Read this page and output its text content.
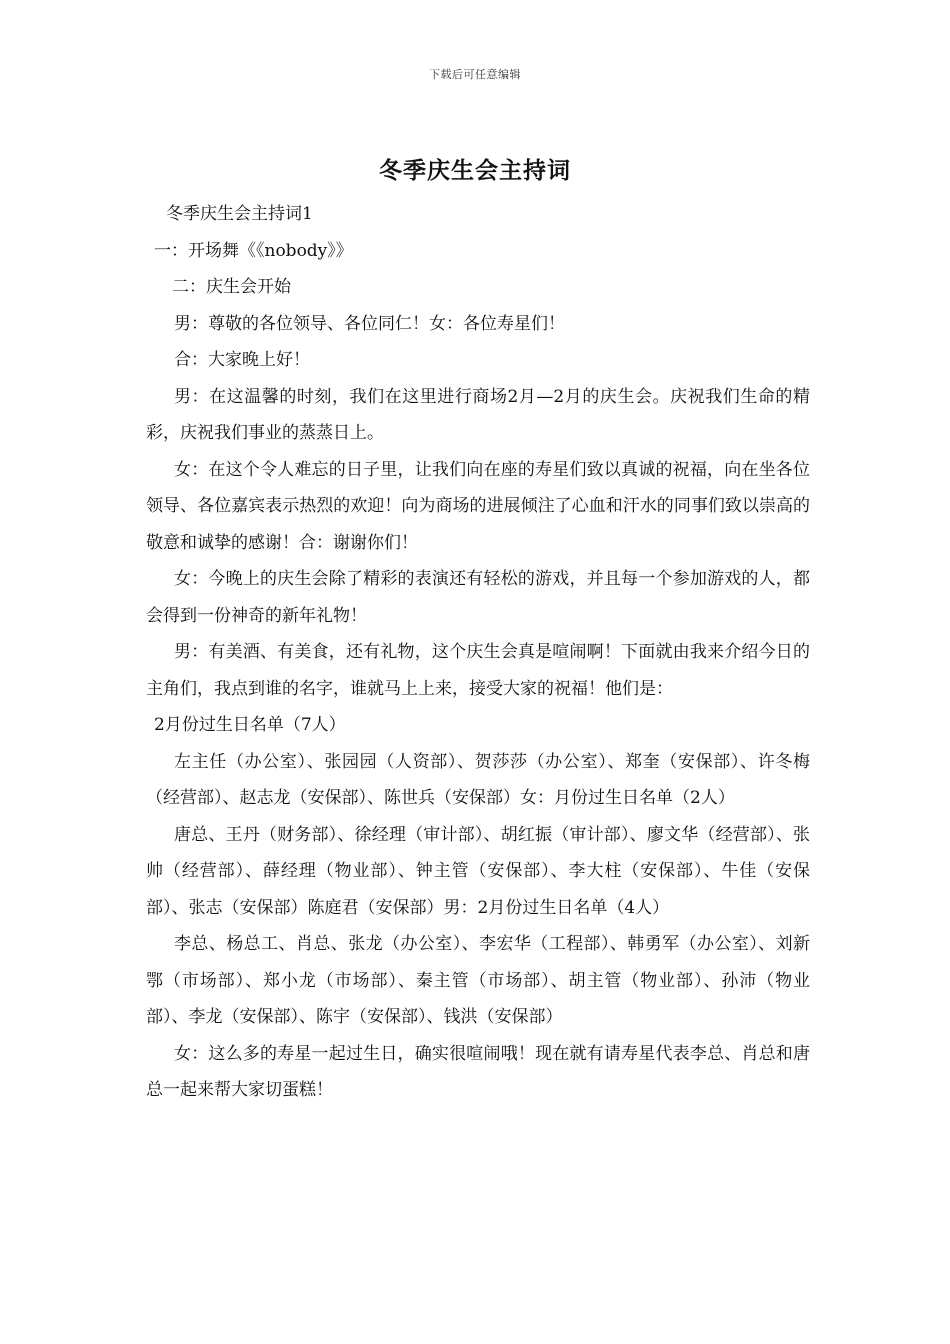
下载后可任意编辑
冬季庆生会主持词

冬季庆生会主持词1

一：开场舞《《nobody》》

二：庆生会开始

男：尊敬的各位领导、各位同仁！女：各位寿星们！

合：大家晚上好！

男：在这温馨的时刻，我们在这里进行商场2月—2月的庆生会。庆祝我们生命的精彩，庆祝我们事业的蒸蒸日上。

女：在这个令人难忘的日子里，让我们向在座的寿星们致以真诚的祝福，向在坐各位领导、各位嘉宾表示热烈的欢迎！向为商场的进展倾注了心血和汗水的同事们致以崇高的敬意和诚挚的感谢！合：谢谢你们！

女：今晚上的庆生会除了精彩的表演还有轻松的游戏，并且每一个参加游戏的人，都会得到一份神奇的新年礼物！

男：有美酒、有美食，还有礼物，这个庆生会真是喧闹啊！下面就由我来介绍今日的主角们，我点到谁的名字，谁就马上上来，接受大家的祝福！他们是：

2月份过生日名单（7人）

左主任（办公室）、张园园（人资部）、贺莎莎（办公室）、郑奎（安保部）、许冬梅（经营部）、赵志龙（安保部）、陈世兵（安保部）女：月份过生日名单（2人）

唐总、王丹（财务部）、徐经理（审计部）、胡红振（审计部）、廖文华（经营部）、张帅（经营部）、薛经理（物业部）、钟主管（安保部）、李大柱（安保部）、牛佳（安保部）、张志（安保部）陈庭君（安保部）男：2月份过生日名单（4人）

李总、杨总工、肖总、张龙（办公室）、李宏华（工程部）、韩勇军（办公室）、刘新鄂（市场部）、郑小龙（市场部）、秦主管（市场部）、胡主管（物业部）、孙沛（物业部）、李龙（安保部）、陈宇（安保部）、钱洪（安保部）

女：这么多的寿星一起过生日，确实很喧闹哦！现在就有请寿星代表李总、肖总和唐总一起来帮大家切蛋糕！
